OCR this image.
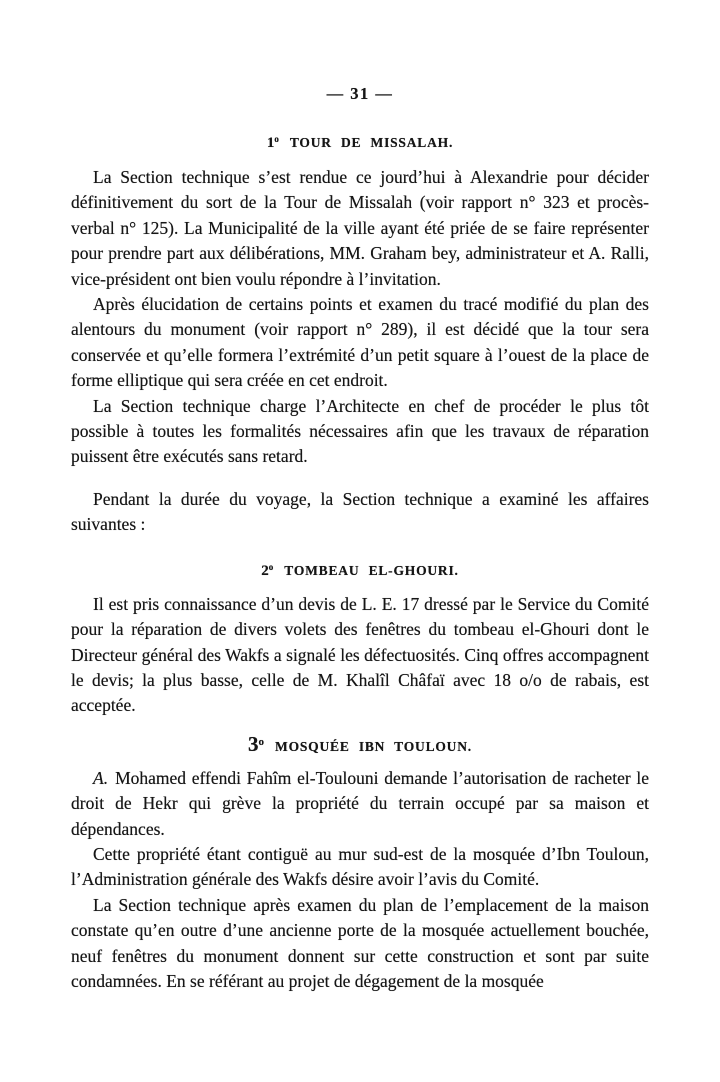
— 31 —
1$^o$ TOUR DE MISSALAH.

La Section technique s’est rendue ce jourd’hui à Alexandrie pour décider définitivement du sort de la Tour de Missalah (voir rapport n° 323 et procès-verbal n° 125). La Municipalité de la ville ayant été priée de se faire représenter pour prendre part aux délibérations, MM. Graham bey, administrateur et A. Ralli, vice-président ont bien voulu répondre à l’invitation.

Après élucidation de certains points et examen du tracé modifié du plan des alentours du monument (voir rapport n° 289), il est décidé que la tour sera conservée et qu’elle formera l’extrémité d’un petit square à l’ouest de la place de forme elliptique qui sera créée en cet endroit.

La Section technique charge l’Architecte en chef de procéder le plus tôt possible à toutes les formalités nécessaires afin que les travaux de réparation puissent être exécutés sans retard.

Pendant la durée du voyage, la Section technique a examiné les affaires suivantes :

2$^o$ TOMBEAU EL-GHOURI.

Il est pris connaissance d’un devis de L. E. 17 dressé par le Service du Comité pour la réparation de divers volets des fenêtres du tombeau el-Ghouri dont le Directeur général des Wakfs a signalé les défectuosités. Cinq offres accompagnent le devis; la plus basse, celle de M. Khalîl Châfaï avec 18 o/o de rabais, est acceptée.

3$^o$ MOSQUÉE IBN TOULOUN.

A. Mohamed effendi Fahîm el-Toulouni demande l’autorisation de racheter le droit de Hekr qui grève la propriété du terrain occupé par sa maison et dépendances.

Cette propriété étant contiguë au mur sud-est de la mosquée d’Ibn Touloun, l’Administration générale des Wakfs désire avoir l’avis du Comité.

La Section technique après examen du plan de l’emplacement de la maison constate qu’en outre d’une ancienne porte de la mosquée actuellement bouchée, neuf fenêtres du monument donnent sur cette construction et sont par suite condamnées. En se référant au projet de dégagement de la mosquée
